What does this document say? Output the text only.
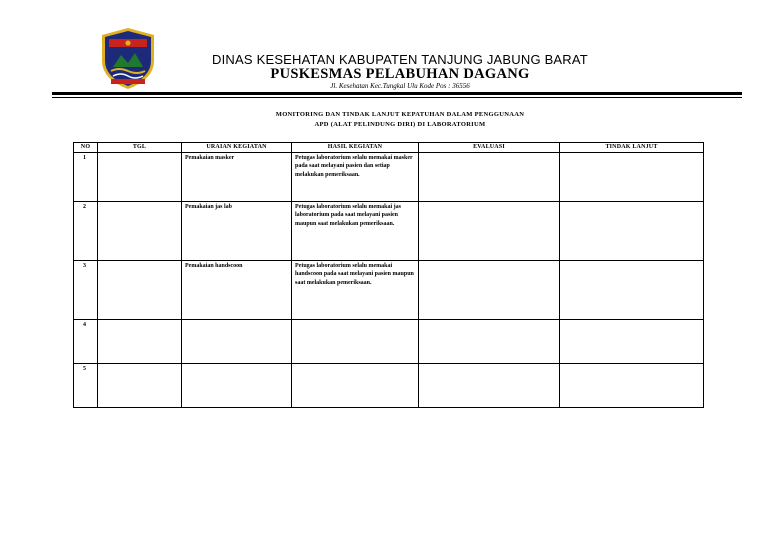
DINAS KESEHATAN KABUPATEN TANJUNG JABUNG BARAT
PUSKESMAS PELABUHAN DAGANG
Jl. Kesehatan Kec.Tungkal Ulu Kode Pos : 36556
MONITORING DAN TINDAK LANJUT KEPATUHAN DALAM PENGGUNAAN
APD (ALAT PELINDUNG DIRI) DI LABORATORIUM
NO	TGL	URAIAN KEGIATAN	HASIL KEGIATAN	EVALUASI	TINDAK LANJUT
1		Pemakaian masker	Petugas laboratorium selalu memakai masker pada saat melayani pasien dan setiap melakukan pemeriksaan.		
2		Pemakaian jas lab	Petugas laboratorium selalu memakai jas laboratorium pada saat melayani pasien maupun saat melakukan pemeriksaan.		
3		Pemakaian handscoon	Petugas laboratorium selalu memakai handscoon pada saat melayani pasien maupun saat melakukan pemeriksaan.		
4					
5					
